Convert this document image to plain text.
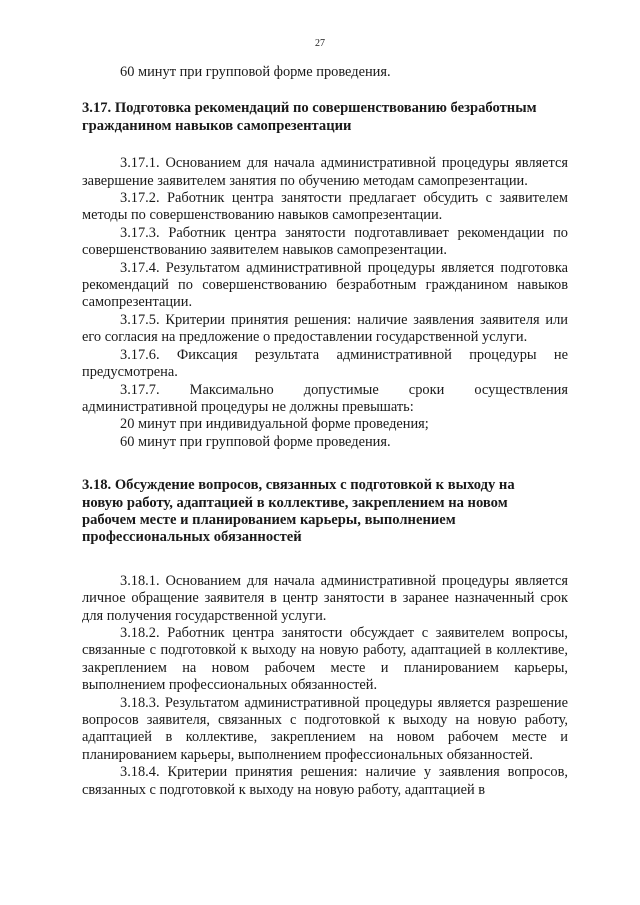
27

60 минут при групповой форме проведения.

3.17. Подготовка рекомендаций по совершенствованию безработным

гражданином навыков самопрезентации

3.17.1. Основанием для начала административной процедуры является завершение заявителем занятия по обучению методам самопрезентации.

3.17.2. Работник центра занятости предлагает обсудить с заявителем методы по совершенствованию навыков самопрезентации.

3.17.3. Работник центра занятости подготавливает рекомендации по совершенствованию заявителем навыков самопрезентации.

3.17.4. Результатом административной процедуры является подготовка рекомендаций по совершенствованию безработным гражданином навыков самопрезентации.

3.17.5. Критерии принятия решения: наличие заявления заявителя или его согласия на предложение о предоставлении государственной услуги.

3.17.6. Фиксация результата административной процедуры не предусмотрена.

3.17.7. Максимально допустимые сроки осуществления административной процедуры не должны превышать:

20 минут при индивидуальной форме проведения;

60 минут при групповой форме проведения.

3.18. Обсуждение вопросов, связанных с подготовкой к выходу на

новую работу, адаптацией в коллективе, закреплением на новом

рабочем месте и планированием карьеры, выполнением

профессиональных обязанностей

3.18.1. Основанием для начала административной процедуры является личное обращение заявителя в центр занятости в заранее назначенный срок для получения государственной услуги.

3.18.2. Работник центра занятости обсуждает с заявителем вопросы, связанные с подготовкой к выходу на новую работу, адаптацией в коллективе, закреплением на новом рабочем месте и планированием карьеры, выполнением профессиональных обязанностей.

3.18.3. Результатом административной процедуры является разрешение вопросов заявителя, связанных с подготовкой к выходу на новую работу, адаптацией в коллективе, закреплением на новом рабочем месте и планированием карьеры, выполнением профессиональных обязанностей.

3.18.4. Критерии принятия решения: наличие у заявления вопросов, связанных с подготовкой к выходу на новую работу, адаптацией в
